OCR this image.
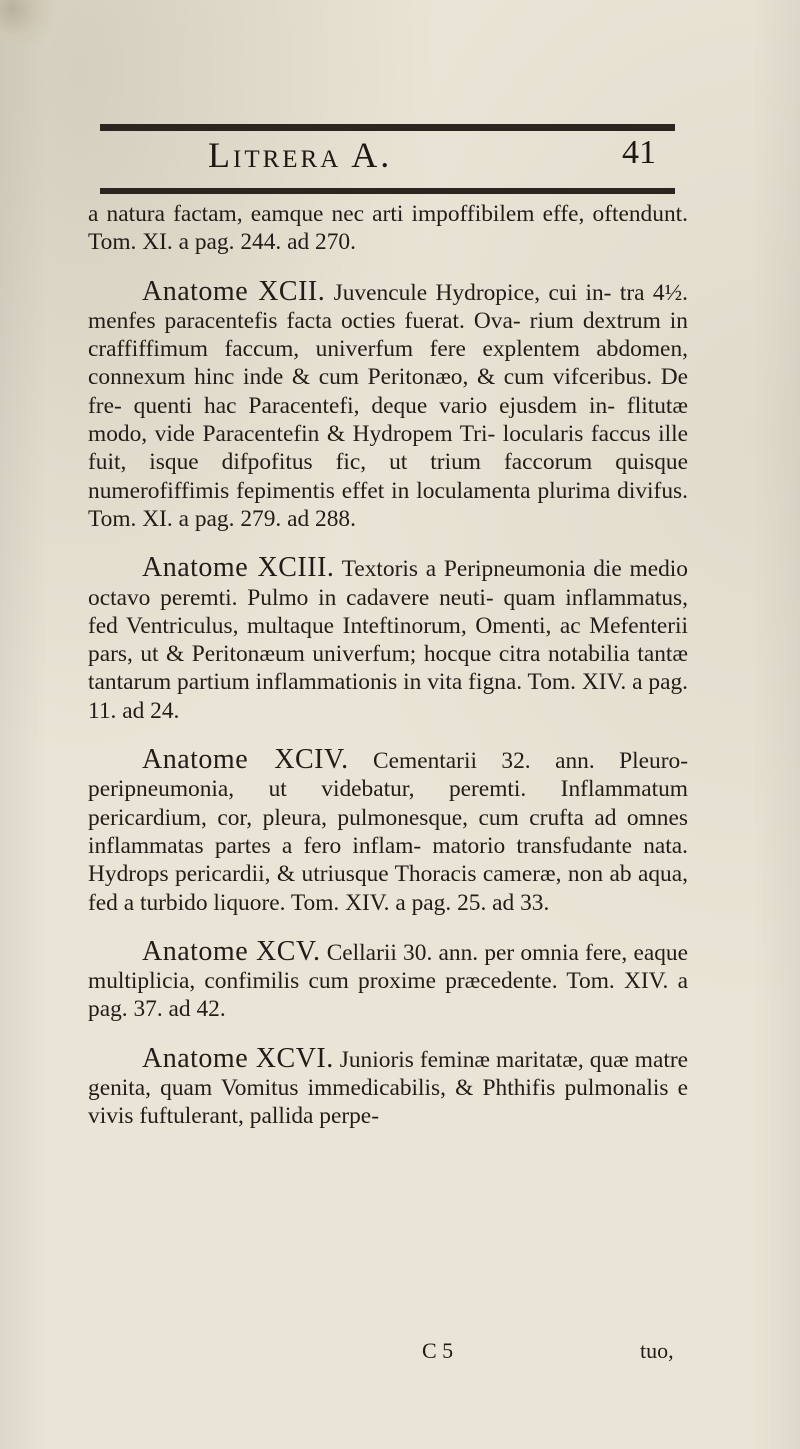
Litrera A.	41

a natura factam, eamque nec arti impoffibilem effe, oftendunt. Tom. XI. a pag. 244. ad 270.

Anatome XCII. Juvencule Hydropice, cui in- tra 4½. menfes paracentefis facta octies fuerat. Ova- rium dextrum in craffiffimum faccum, univerfum fere explentem abdomen, connexum hinc inde & cum Peritonæo, & cum vifceribus. De fre- quenti hac Paracentefi, deque vario ejusdem in- flitutæ modo, vide Paracentefin & Hydropem Tri- locularis faccus ille fuit, isque difpofitus fic, ut trium faccorum quisque numerofiffimis fepimentis effet in loculamenta plurima divifus. Tom. XI. a pag. 279. ad 288.

Anatome XCIII. Textoris a Peripneumonia die medio octavo peremti. Pulmo in cadavere neuti- quam inflammatus, fed Ventriculus, multaque Inteftinorum, Omenti, ac Mefenterii pars, ut & Peritonæum univerfum; hocque citra notabilia tantæ tantarum partium inflammationis in vita figna. Tom. XIV. a pag. 11. ad 24.

Anatome XCIV. Cementarii 32. ann. Pleuro- peripneumonia, ut videbatur, peremti. Inflammatum pericardium, cor, pleura, pulmonesque, cum crufta ad omnes inflammatas partes a fero inflam- matorio transfudante nata. Hydrops pericardii, & utriusque Thoracis cameræ, non ab aqua, fed a turbido liquore. Tom. XIV. a pag. 25. ad 33.

Anatome XCV. Cellarii 30. ann. per omnia fere, eaque multiplicia, confimilis cum proxime præcedente. Tom. XIV. a pag. 37. ad 42.

Anatome XCVI. Junioris feminæ maritatæ, quæ matre genita, quam Vomitus immedicabilis, & Phthifis pulmonalis e vivis fuftulerant, pallida perpe-

C 5	tuo,
